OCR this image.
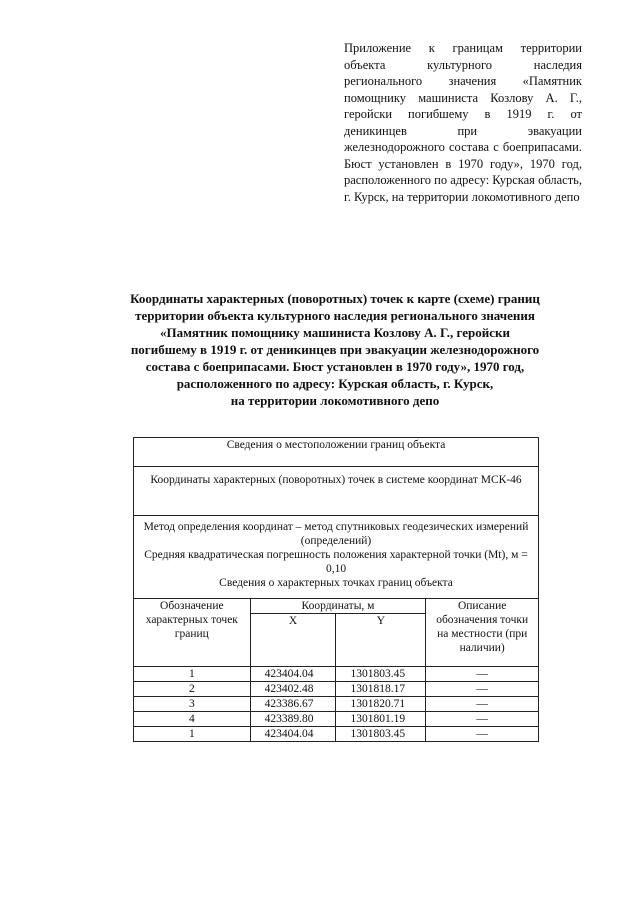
Приложение к границам территории объекта культурного наследия регионального значения «Памятник помощнику машиниста Козлову А. Г., геройски погибшему в 1919 г. от деникинцев при эвакуации железнодорожного состава с боеприпасами. Бюст установлен в 1970 году», 1970 год, расположенного по адресу: Курская область, г. Курск, на территории локомотивного депо
Координаты характерных (поворотных) точек к карте (схеме) границ
территории объекта культурного наследия регионального значения
«Памятник помощнику машиниста Козлову А. Г., геройски
погибшему в 1919 г. от деникинцев при эвакуации железнодорожного
состава с боеприпасами. Бюст установлен в 1970 году», 1970 год,
расположенного по адресу: Курская область, г. Курск,
на территории локомотивного депо
Сведения о местоположении границ объекта			
Координаты характерных (поворотных) точек в системе координат МСК-46			

Метод определения координат – метод спутниковых геодезических измерений (определений)
Средняя квадратическая погрешность положения характерной точки (Mt), м = 0,10
Сведения о характерных точках границ объекта			

Обозначение характерных точек границ	Координаты, м		Описание обозначения точки на местности (при наличии)
	X	Y	
1	423404.04	1301803.45	—
2	423402.48	1301818.17	—
3	423386.67	1301820.71	—
4	423389.80	1301801.19	—
1	423404.04	1301803.45	—
